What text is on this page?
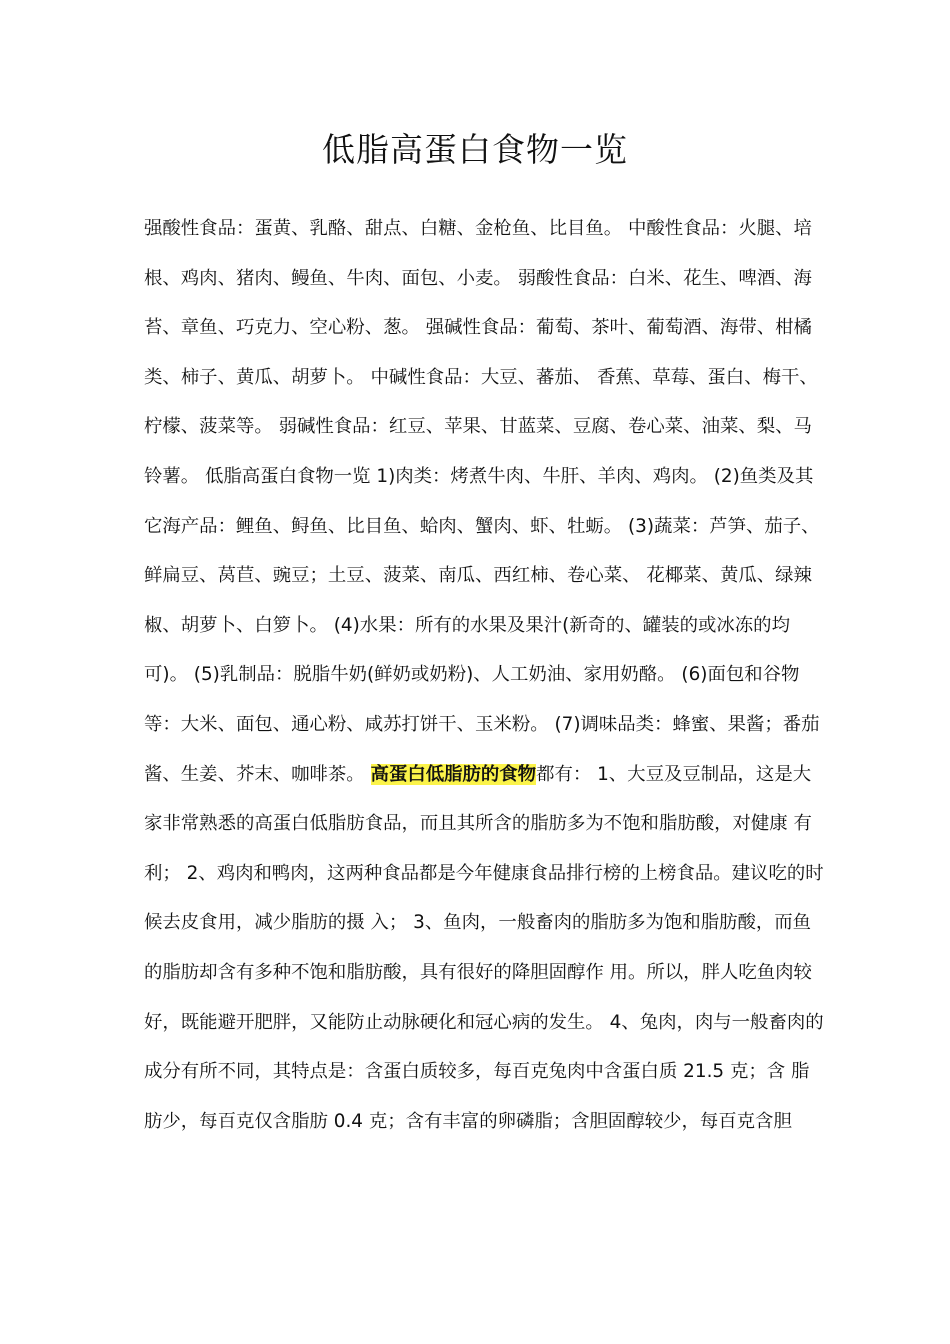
低脂高蛋白食物一览

强酸性食品：蛋黄、乳酪、甜点、白糖、金枪鱼、比目鱼。 中酸性食品：火腿、培根、鸡肉、猪肉、鳗鱼、牛肉、面包、小麦。 弱酸性食品：白米、花生、啤酒、海苔、章鱼、巧克力、空心粉、葱。 强碱性食品：葡萄、茶叶、葡萄酒、海带、柑橘类、柿子、黄瓜、胡萝卜。 中碱性食品：大豆、蕃茄、 香蕉、草莓、蛋白、梅干、柠檬、菠菜等。 弱碱性食品：红豆、苹果、甘蓝菜、豆腐、卷心菜、油菜、梨、马铃薯。 低脂高蛋白食物一览 1)肉类：烤煮牛肉、牛肝、羊肉、鸡肉。 (2)鱼类及其它海产品：鲤鱼、鲟鱼、比目鱼、蛤肉、蟹肉、虾、牡蛎。 (3)蔬菜：芦笋、茄子、鲜扁豆、莴苣、豌豆；土豆、菠菜、南瓜、西红柿、卷心菜、 花椰菜、黄瓜、绿辣椒、胡萝卜、白箩卜。 (4)水果：所有的水果及果汁(新奇的、罐装的或冰冻的均可)。 (5)乳制品：脱脂牛奶(鲜奶或奶粉)、人工奶油、家用奶酪。 (6)面包和谷物等：大米、面包、通心粉、咸苏打饼干、玉米粉。 (7)调味品类：蜂蜜、果酱；番茄酱、生姜、芥末、咖啡茶。 高蛋白低脂肪的食物都有： 1、大豆及豆制品，这是大家非常熟悉的高蛋白低脂肪食品，而且其所含的脂肪多为不饱和脂肪酸，对健康 有利； 2、鸡肉和鸭肉，这两种食品都是今年健康食品排行榜的上榜食品。建议吃的时候去皮食用，减少脂肪的摄 入； 3、鱼肉，一般畜肉的脂肪多为饱和脂肪酸，而鱼的脂肪却含有多种不饱和脂肪酸，具有很好的降胆固醇作 用。所以，胖人吃鱼肉较好，既能避开肥胖，又能防止动脉硬化和冠心病的发生。 4、兔肉，肉与一般畜肉的成分有所不同，其特点是：含蛋白质较多，每百克兔肉中含蛋白质 21.5 克；含 脂肪少，每百克仅含脂肪 0.4 克；含有丰富的卵磷脂；含胆固醇较少，每百克含胆
